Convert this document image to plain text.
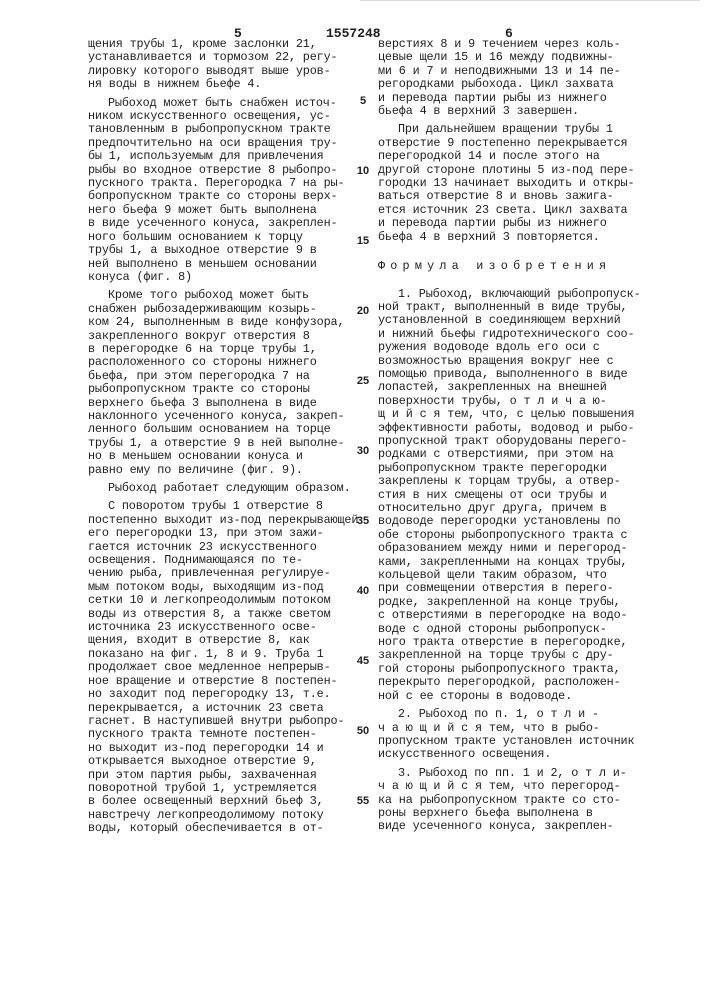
5	1557248	6
щения трубы 1, кроме заслонки 21,
устанавливается и тормозом 22, регу-
лировку которого выводят выше уров-
ня воды в нижнем бьефе 4.
Рыбоход может быть снабжен источ-
ником искусственного освещения, ус-
тановленным в рыбопропускном тракте
предпочтительно на оси вращения тру-
бы 1, используемым для привлечения
рыбы во входное отверстие 8 рыбопро-
пускного тракта. Перегородка 7 на ры-
бопропускном тракте со стороны верх-
него бьефа 9 может быть выполнена
в виде усеченного конуса, закреплен-
ного большим основанием к торцу
трубы 1, а выходное отверстие 9 в
ней выполнено в меньшем основании
конуса (фиг. 8)
Кроме того рыбоход может быть
снабжен рыбозадерживающим козырь-
ком 24, выполненным в виде конфузора,
закрепленного вокруг отверстия 8
в перегородке 6 на торце трубы 1,
расположенного со стороны нижнего
бьефа, при этом перегородка 7 на
рыбопропускном тракте со стороны
верхнего бьефа 3 выполнена в виде
наклонного усеченного конуса, закреп-
ленного большим основанием на торце
трубы 1, а отверстие 9 в ней выполне-
но в меньшем основании конуса и
равно ему по величине (фиг. 9).
Рыбоход работает следующим образом.
С поворотом трубы 1 отверстие 8
постепенно выходит из-под перекрывающей
его перегородки 13, при этом зажи-
гается источник 23 искусственного
освещения. Поднимающаяся по те-
чению рыба, привлеченная регулируе-
мым потоком воды, выходящим из-под
сетки 10 и легкопреодолимым потоком
воды из отверстия 8, а также светом
источника 23 искусственного осве-
щения, входит в отверстие 8, как
показано на фиг. 1, 8 и 9. Труба 1
продолжает свое медленное непрерыв-
ное вращение и отверстие 8 постепен-
но заходит под перегородку 13, т.е.
перекрывается, а источник 23 света
гаснет. В наступившей внутри рыбопро-
пускного тракта темноте постепен-
но выходит из-под перегородки 14 и
открывается выходное отверстие 9,
при этом партия рыбы, захваченная
поворотной трубой 1, устремляется
в более освещенный верхний бьеф 3,
навстречу легкопреодолимому потоку
воды, который обеспечивается в от-
верстиях 8 и 9 течением через коль-
цевые щели 15 и 16 между подвижны-
ми 6 и 7 и неподвижными 13 и 14 пе-
регородками рыбохода. Цикл захвата
и перевода партии рыбы из нижнего
бьефа 4 в верхний 3 завершен.
При дальнейшем вращении трубы 1
отверстие 9 постепенно перекрывается
перегородкой 14 и после этого на
другой стороне плотины 5 из-под пере-
городки 13 начинает выходить и откры-
ваться отверстие 8 и вновь зажига-
ется источник 23 света. Цикл захвата
и перевода партии рыбы из нижнего
бьефа 4 в верхний 3 повторяется.
Формула изобретения
1. Рыбоход, включающий рыбопропуск-
ной тракт, выполненный в виде трубы,
установленной в соединяющем верхний
и нижний бьефы гидротехнического соо-
ружения водоводе вдоль его оси с
возможностью вращения вокруг нее с
помощью привода, выполненного в виде
лопастей, закрепленных на внешней
поверхности трубы, о т л и ч а ю-
щ и й с я тем, что, с целью повышения
эффективности работы, водовод и рыбо-
пропускной тракт оборудованы перего-
родками с отверстиями, при этом на
рыбопропускном тракте перегородки
закреплены к торцам трубы, а отвер-
стия в них смещены от оси трубы и
относительно друг друга, причем в
водоводе перегородки установлены по
обе стороны рыбопропускного тракта с
образованием между ними и перегород-
ками, закрепленными на концах трубы,
кольцевой щели таким образом, что
при совмещении отверстия в перего-
родке, закрепленной на конце трубы,
с отверстиями в перегородке на водо-
воде с одной стороны рыбопропуск-
ного тракта отверстие в перегородке,
закрепленной на торце трубы с дру-
гой стороны рыбопропускного тракта,
перекрыто перегородкой, расположен-
ной с ее стороны в водоводе.
2. Рыбоход по п. 1, о т л и -
ч а ю щ и й с я тем, что в рыбо-
пропускном тракте установлен источник
искусственного освещения.
3. Рыбоход по пп. 1 и 2, о т л и-
ч а ю щ и й с я тем, что перегород-
ка на рыбопропускном тракте со сто-
роны верхнего бьефа выполнена в
виде усеченного конуса, закреплен-
5
10
15
20
25
30
35
40
45
50
55
